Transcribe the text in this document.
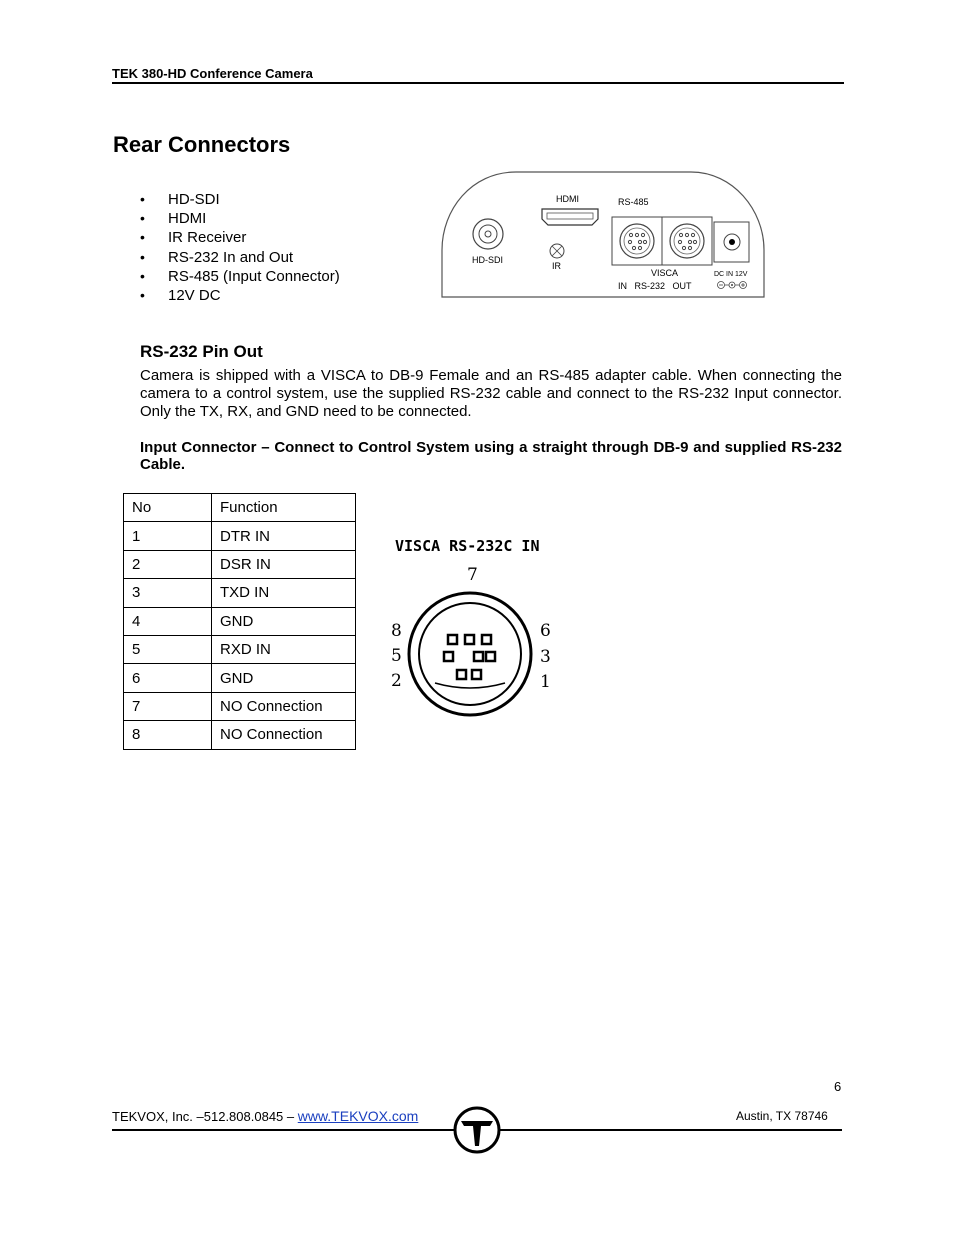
TEK 380-HD Conference Camera
Rear Connectors
• HD-SDI
• HDMI
• IR Receiver
• RS-232 In and Out
• RS-485 (Input Connector)
• 12V DC
HD-SDI
HDMI
IR
RS-485
VISCA
IN   RS-232   OUT
DC IN 12V
RS-232 Pin Out
Camera is shipped with a VISCA to DB-9 Female and an RS-485 adapter cable. When connecting the camera to a control system, use the supplied RS-232 cable and connect to the RS-232 Input connector. Only the TX, RX, and GND need to be connected.
Input Connector – Connect to Control System using a straight through DB-9 and supplied RS-232 Cable.
No	Function
1	DTR IN
2	DSR IN
3	TXD IN
4	GND
5	RXD IN
6	GND
7	NO Connection
8	NO Connection
VISCA RS-232C IN
7
8
5
2
6
3
1
6
TEKVOX, Inc. –512.808.0845 – www.TEKVOX.com	Austin, TX 78746
